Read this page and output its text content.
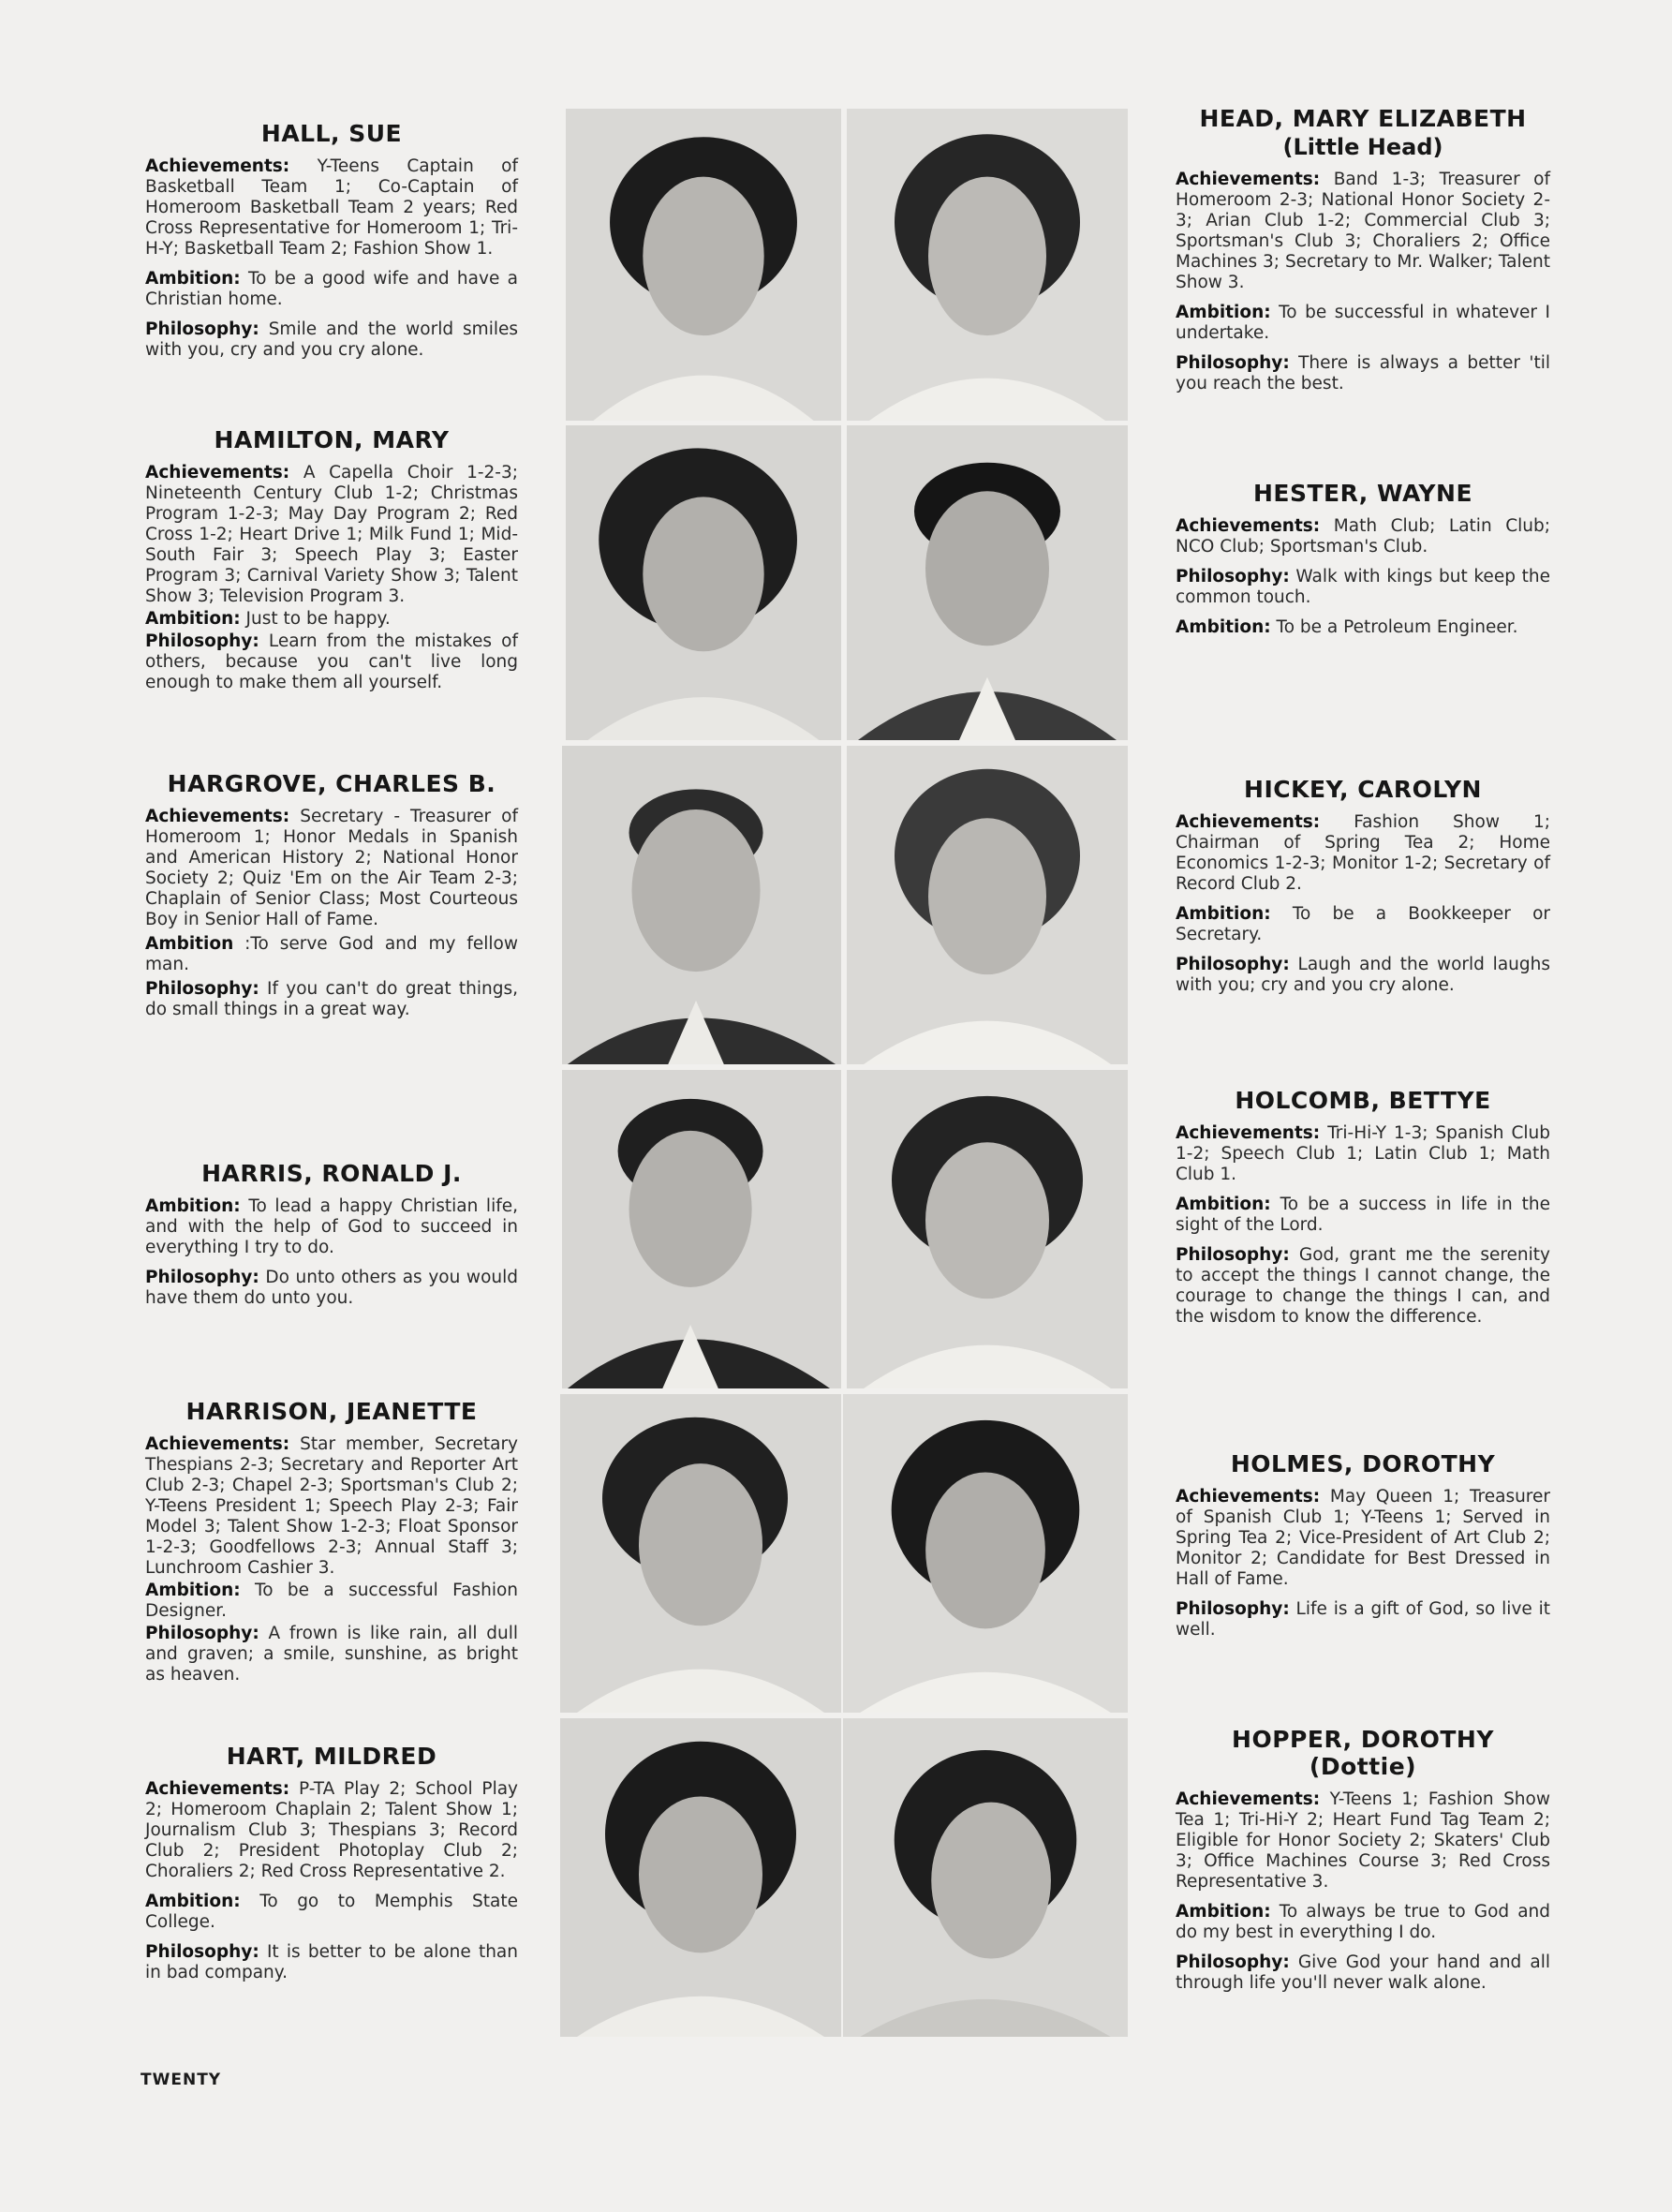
HALL, SUE

Achievements: Y-Teens Captain of Basketball Team 1; Co-Captain of Homeroom Basketball Team 2 years; Red Cross Representative for Homeroom 1; Tri-H-Y; Basketball Team 2; Fashion Show 1.

Ambition: To be a good wife and have a Christian home.

Philosophy: Smile and the world smiles with you, cry and you cry alone.

HAMILTON, MARY

Achievements: A Capella Choir 1-2-3; Nineteenth Century Club 1-2; Christmas Program 1-2-3; May Day Program 2; Red Cross 1-2; Heart Drive 1; Milk Fund 1; Mid-South Fair 3; Speech Play 3; Easter Program 3; Carnival Variety Show 3; Talent Show 3; Television Program 3.

Ambition: Just to be happy.

Philosophy: Learn from the mistakes of others, because you can't live long enough to make them all yourself.

HARGROVE, CHARLES B.

Achievements: Secretary - Treasurer of Homeroom 1; Honor Medals in Spanish and American History 2; National Honor Society 2; Quiz 'Em on the Air Team 2-3; Chaplain of Senior Class; Most Courteous Boy in Senior Hall of Fame.

Ambition :To serve God and my fellow man.

Philosophy: If you can't do great things, do small things in a great way.

HARRIS, RONALD J.

Ambition: To lead a happy Christian life, and with the help of God to succeed in everything I try to do.

Philosophy: Do unto others as you would have them do unto you.

HARRISON, JEANETTE

Achievements: Star member, Secretary Thespians 2-3; Secretary and Reporter Art Club 2-3; Chapel 2-3; Sportsman's Club 2; Y-Teens President 1; Speech Play 2-3; Fair Model 3; Talent Show 1-2-3; Float Sponsor 1-2-3; Goodfellows 2-3; Annual Staff 3; Lunchroom Cashier 3.

Ambition: To be a successful Fashion Designer.

Philosophy: A frown is like rain, all dull and graven; a smile, sunshine, as bright as heaven.

HART, MILDRED

Achievements: P-TA Play 2; School Play 2; Homeroom Chaplain 2; Talent Show 1; Journalism Club 3; Thespians 3; Record Club 2; President Photoplay Club 2; Choraliers 2; Red Cross Representative 2.

Ambition: To go to Memphis State College.

Philosophy: It is better to be alone than in bad company.

HEAD, MARY ELIZABETH
(Little Head)

Achievements: Band 1-3; Treasurer of Homeroom 2-3; National Honor Society 2-3; Arian Club 1-2; Commercial Club 3; Sportsman's Club 3; Choraliers 2; Office Machines 3; Secretary to Mr. Walker; Talent Show 3.

Ambition: To be successful in whatever I undertake.

Philosophy: There is always a better 'til you reach the best.

HESTER, WAYNE

Achievements: Math Club; Latin Club; NCO Club; Sportsman's Club.

Philosophy: Walk with kings but keep the common touch.

Ambition: To be a Petroleum Engineer.

HICKEY, CAROLYN

Achievements: Fashion Show 1; Chairman of Spring Tea 2; Home Economics 1-2-3; Monitor 1-2; Secretary of Record Club 2.

Ambition: To be a Bookkeeper or Secretary.

Philosophy: Laugh and the world laughs with you; cry and you cry alone.

HOLCOMB, BETTYE

Achievements: Tri-Hi-Y 1-3; Spanish Club 1-2; Speech Club 1; Latin Club 1; Math Club 1.

Ambition: To be a success in life in the sight of the Lord.

Philosophy: God, grant me the serenity to accept the things I cannot change, the courage to change the things I can, and the wisdom to know the difference.

HOLMES, DOROTHY

Achievements: May Queen 1; Treasurer of Spanish Club 1; Y-Teens 1; Served in Spring Tea 2; Vice-President of Art Club 2; Monitor 2; Candidate for Best Dressed in Hall of Fame.

Philosophy: Life is a gift of God, so live it well.

HOPPER, DOROTHY (Dottie)

Achievements: Y-Teens 1; Fashion Show Tea 1; Tri-Hi-Y 2; Heart Fund Tag Team 2; Eligible for Honor Society 2; Skaters' Club 3; Office Machines Course 3; Red Cross Representative 3.

Ambition: To always be true to God and do my best in everything I do.

Philosophy: Give God your hand and all through life you'll never walk alone.

TWENTY
